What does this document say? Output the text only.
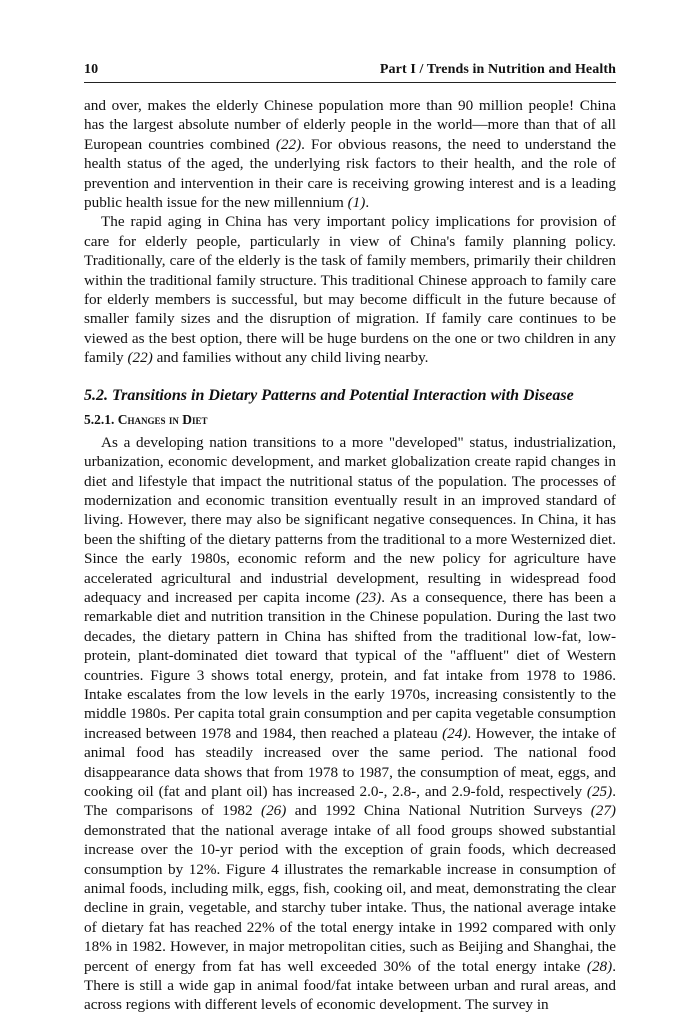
10	Part I / Trends in Nutrition and Health

and over, makes the elderly Chinese population more than 90 million people! China has the largest absolute number of elderly people in the world—more than that of all European countries combined (22). For obvious reasons, the need to understand the health status of the aged, the underlying risk factors to their health, and the role of prevention and intervention in their care is receiving growing interest and is a leading public health issue for the new millennium (1).

The rapid aging in China has very important policy implications for provision of care for elderly people, particularly in view of China's family planning policy. Traditionally, care of the elderly is the task of family members, primarily their children within the traditional family structure. This traditional Chinese approach to family care for elderly members is successful, but may become difficult in the future because of smaller family sizes and the disruption of migration. If family care continues to be viewed as the best option, there will be huge burdens on the one or two children in any family (22) and families without any child living nearby.

5.2. Transitions in Dietary Patterns and Potential Interaction with Disease
5.2.1. Changes in Diet

As a developing nation transitions to a more "developed" status, industrialization, urbanization, economic development, and market globalization create rapid changes in diet and lifestyle that impact the nutritional status of the population. The processes of modernization and economic transition eventually result in an improved standard of living. However, there may also be significant negative consequences. In China, it has been the shifting of the dietary patterns from the traditional to a more Westernized diet. Since the early 1980s, economic reform and the new policy for agriculture have accelerated agricultural and industrial development, resulting in widespread food adequacy and increased per capita income (23). As a consequence, there has been a remarkable diet and nutrition transition in the Chinese population. During the last two decades, the dietary pattern in China has shifted from the traditional low-fat, low-protein, plant-dominated diet toward that typical of the "affluent" diet of Western countries. Figure 3 shows total energy, protein, and fat intake from 1978 to 1986. Intake escalates from the low levels in the early 1970s, increasing consistently to the middle 1980s. Per capita total grain consumption and per capita vegetable consumption increased between 1978 and 1984, then reached a plateau (24). However, the intake of animal food has steadily increased over the same period. The national food disappearance data shows that from 1978 to 1987, the consumption of meat, eggs, and cooking oil (fat and plant oil) has increased 2.0-, 2.8-, and 2.9-fold, respectively (25). The comparisons of 1982 (26) and 1992 China National Nutrition Surveys (27) demonstrated that the national average intake of all food groups showed substantial increase over the 10-yr period with the exception of grain foods, which decreased consumption by 12%. Figure 4 illustrates the remarkable increase in consumption of animal foods, including milk, eggs, fish, cooking oil, and meat, demonstrating the clear decline in grain, vegetable, and starchy tuber intake. Thus, the national average intake of dietary fat has reached 22% of the total energy intake in 1992 compared with only 18% in 1982. However, in major metropolitan cities, such as Beijing and Shanghai, the percent of energy from fat has well exceeded 30% of the total energy intake (28). There is still a wide gap in animal food/fat intake between urban and rural areas, and across regions with different levels of economic development. The survey in
